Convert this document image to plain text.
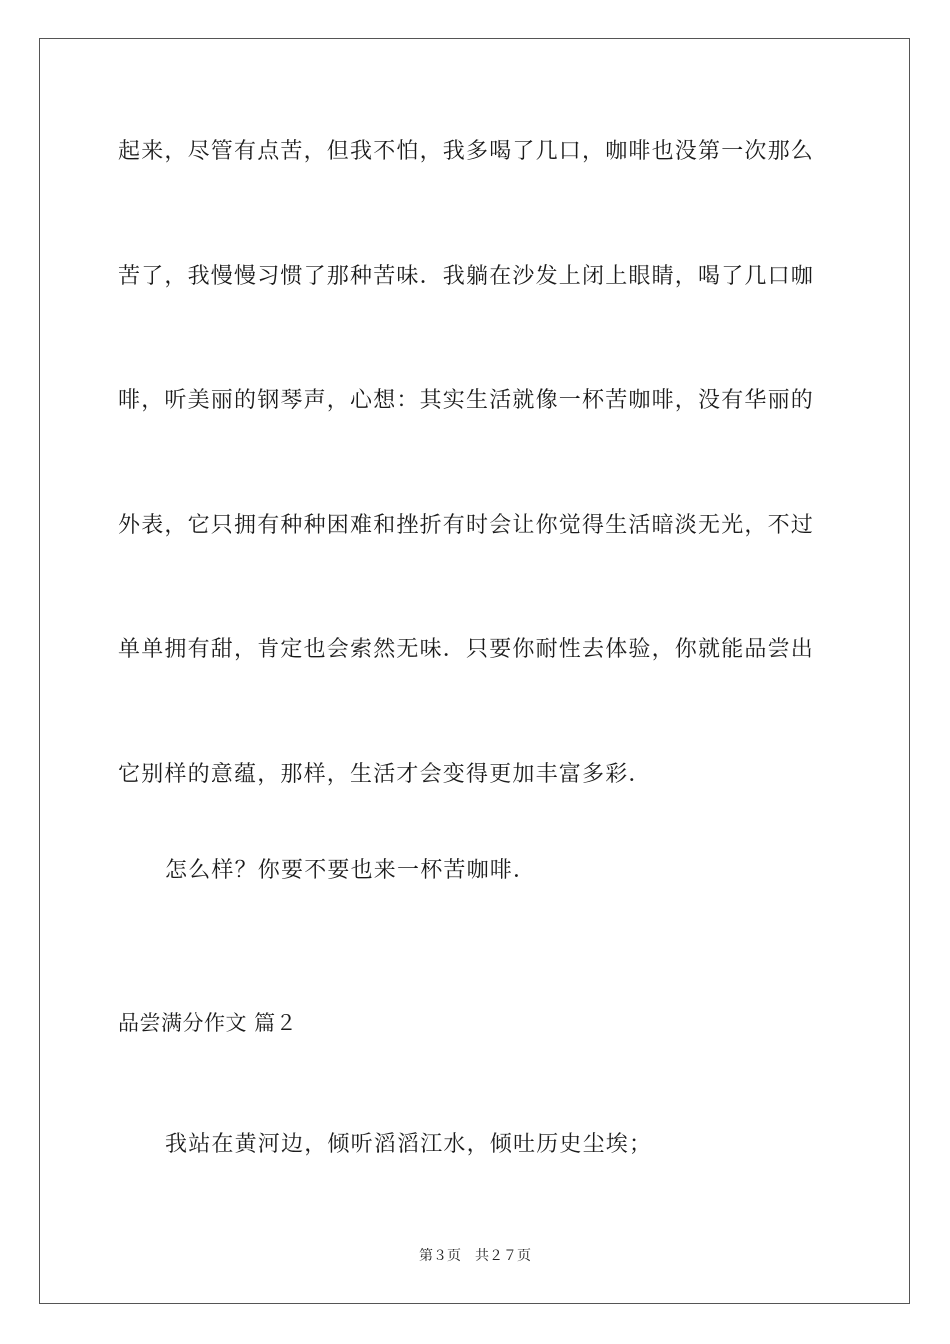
起来，尽管有点苦，但我不怕，我多喝了几口，咖啡也没第一次那么
苦了，我慢慢习惯了那种苦味．我躺在沙发上闭上眼睛，喝了几口咖
啡，听美丽的钢琴声，心想：其实生活就像一杯苦咖啡，没有华丽的
外表，它只拥有种种困难和挫折有时会让你觉得生活暗淡无光，不过
单单拥有甜，肯定也会索然无味．只要你耐性去体验，你就能品尝出
它别样的意蕴，那样，生活才会变得更加丰富多彩．
怎么样？你要不要也来一杯苦咖啡．
品尝满分作文 篇２
我站在黄河边，倾听滔滔江水，倾吐历史尘埃；
第３页 共２７页
